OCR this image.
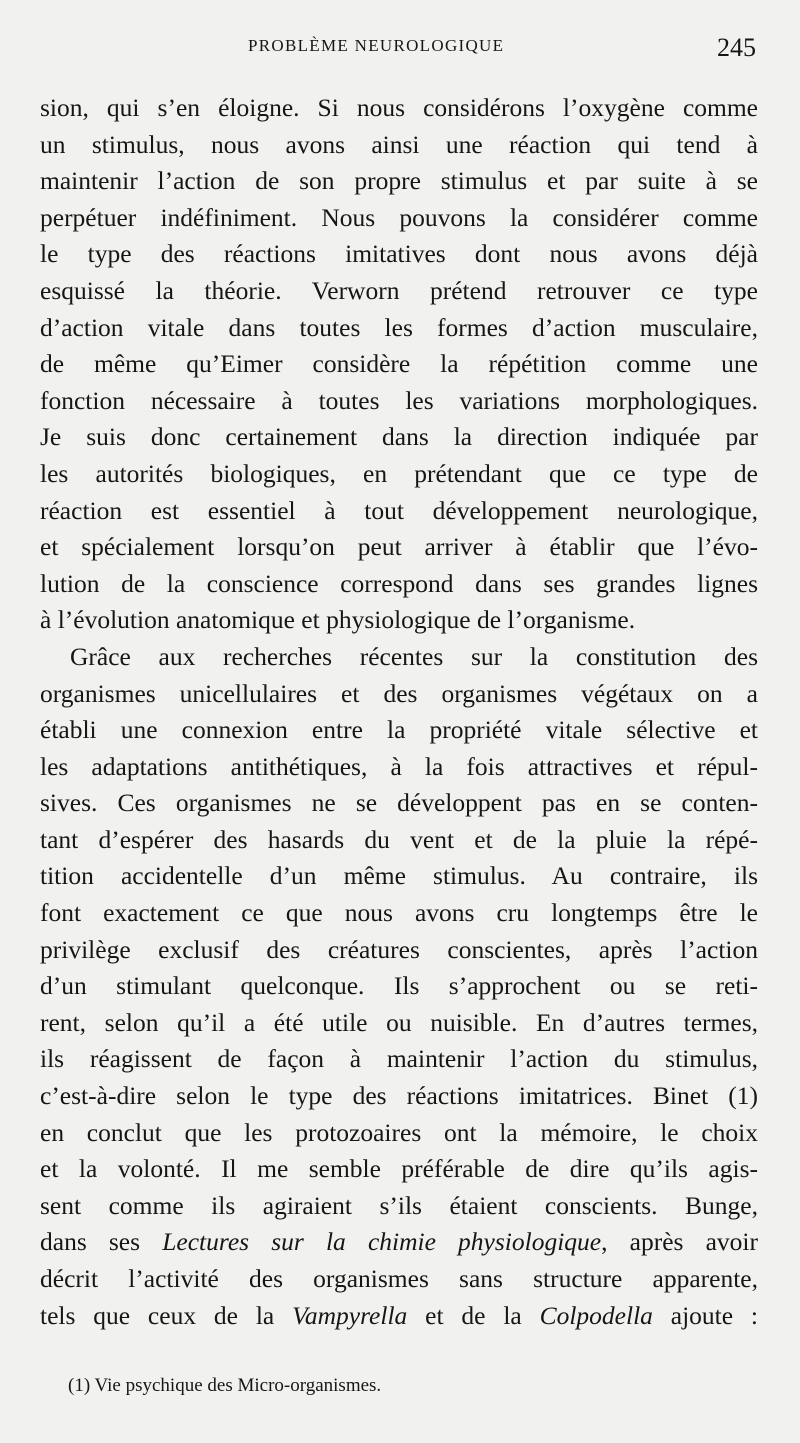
PROBLÈME NEUROLOGIQUE	245
sion, qui s’en éloigne. Si nous considérons l’oxygène comme
un stimulus, nous avons ainsi une réaction qui tend à
maintenir l’action de son propre stimulus et par suite à se
perpétuer indéfiniment. Nous pouvons la considérer comme
le type des réactions imitatives dont nous avons déjà
esquissé la théorie. Verworn prétend retrouver ce type
d’action vitale dans toutes les formes d’action musculaire,
de même qu’Eimer considère la répétition comme une
fonction nécessaire à toutes les variations morphologiques.
Je suis donc certainement dans la direction indiquée par
les autorités biologiques, en prétendant que ce type de
réaction est essentiel à tout développement neurologique,
et spécialement lorsqu’on peut arriver à établir que l’évo-
lution de la conscience correspond dans ses grandes lignes
à l’évolution anatomique et physiologique de l’organisme.
Grâce aux recherches récentes sur la constitution des
organismes unicellulaires et des organismes végétaux on a
établi une connexion entre la propriété vitale sélective et
les adaptations antithétiques, à la fois attractives et répul-
sives. Ces organismes ne se développent pas en se conten-
tant d’espérer des hasards du vent et de la pluie la répé-
tition accidentelle d’un même stimulus. Au contraire, ils
font exactement ce que nous avons cru longtemps être le
privilège exclusif des créatures conscientes, après l’action
d’un stimulant quelconque. Ils s’approchent ou se reti-
rent, selon qu’il a été utile ou nuisible. En d’autres termes,
ils réagissent de façon à maintenir l’action du stimulus,
c’est-à-dire selon le type des réactions imitatrices. Binet (1)
en conclut que les protozoaires ont la mémoire, le choix
et la volonté. Il me semble préférable de dire qu’ils agis-
sent comme ils agiraient s’ils étaient conscients. Bunge,
dans ses Lectures sur la chimie physiologique, après avoir
décrit l’activité des organismes sans structure apparente,
tels que ceux de la Vampyrella et de la Colpodella ajoute :
(1) Vie psychique des Micro-organismes.
